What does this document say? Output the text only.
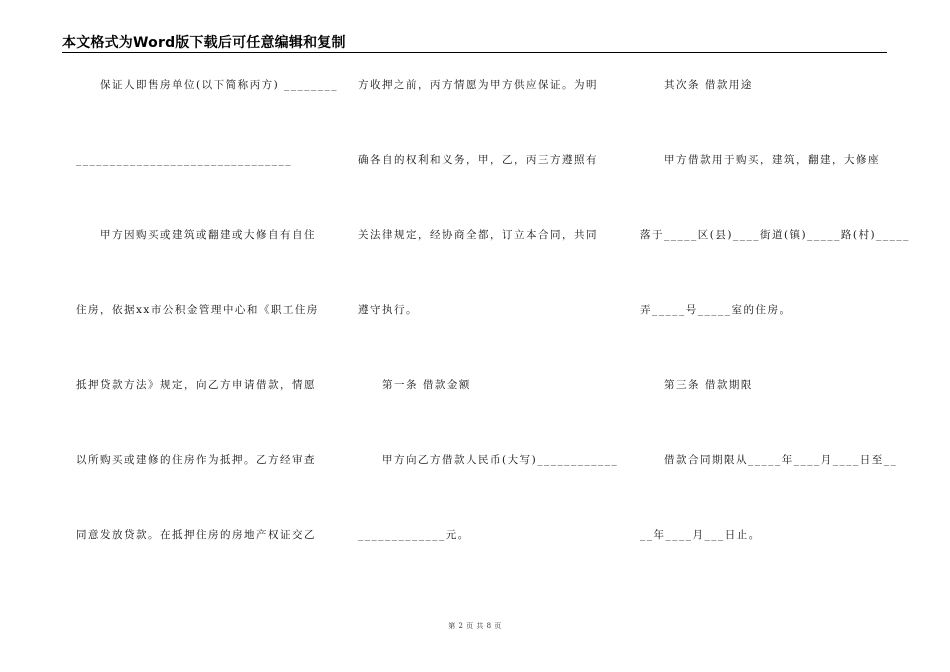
本文格式为Word版下载后可任意编辑和复制
　　保证人即售房单位(以下简称丙方) ________
________________________________
　　甲方因购买或建筑或翻建或大修自有自住
住房，依据xx市公积金管理中心和《职工住房
抵押贷款方法》规定，向乙方申请借款，情愿
以所购买或建修的住房作为抵押。乙方经审查
同意发放贷款。在抵押住房的房地产权证交乙
方收押之前，丙方情愿为甲方供应保证。为明
确各自的权利和义务，甲，乙，丙三方遵照有
关法律规定，经协商全都，订立本合同，共同
遵守执行。
　　第一条 借款金额
　　甲方向乙方借款人民币(大写)____________
_____________元。
　　其次条 借款用途
　　甲方借款用于购买，建筑，翻建，大修座
落于_____区(县)____街道(镇)_____路(村)_____
弄_____号_____室的住房。
　　第三条 借款期限
　　借款合同期限从_____年____月____日至__
__年____月___日止。
第 2 页 共 8 页
